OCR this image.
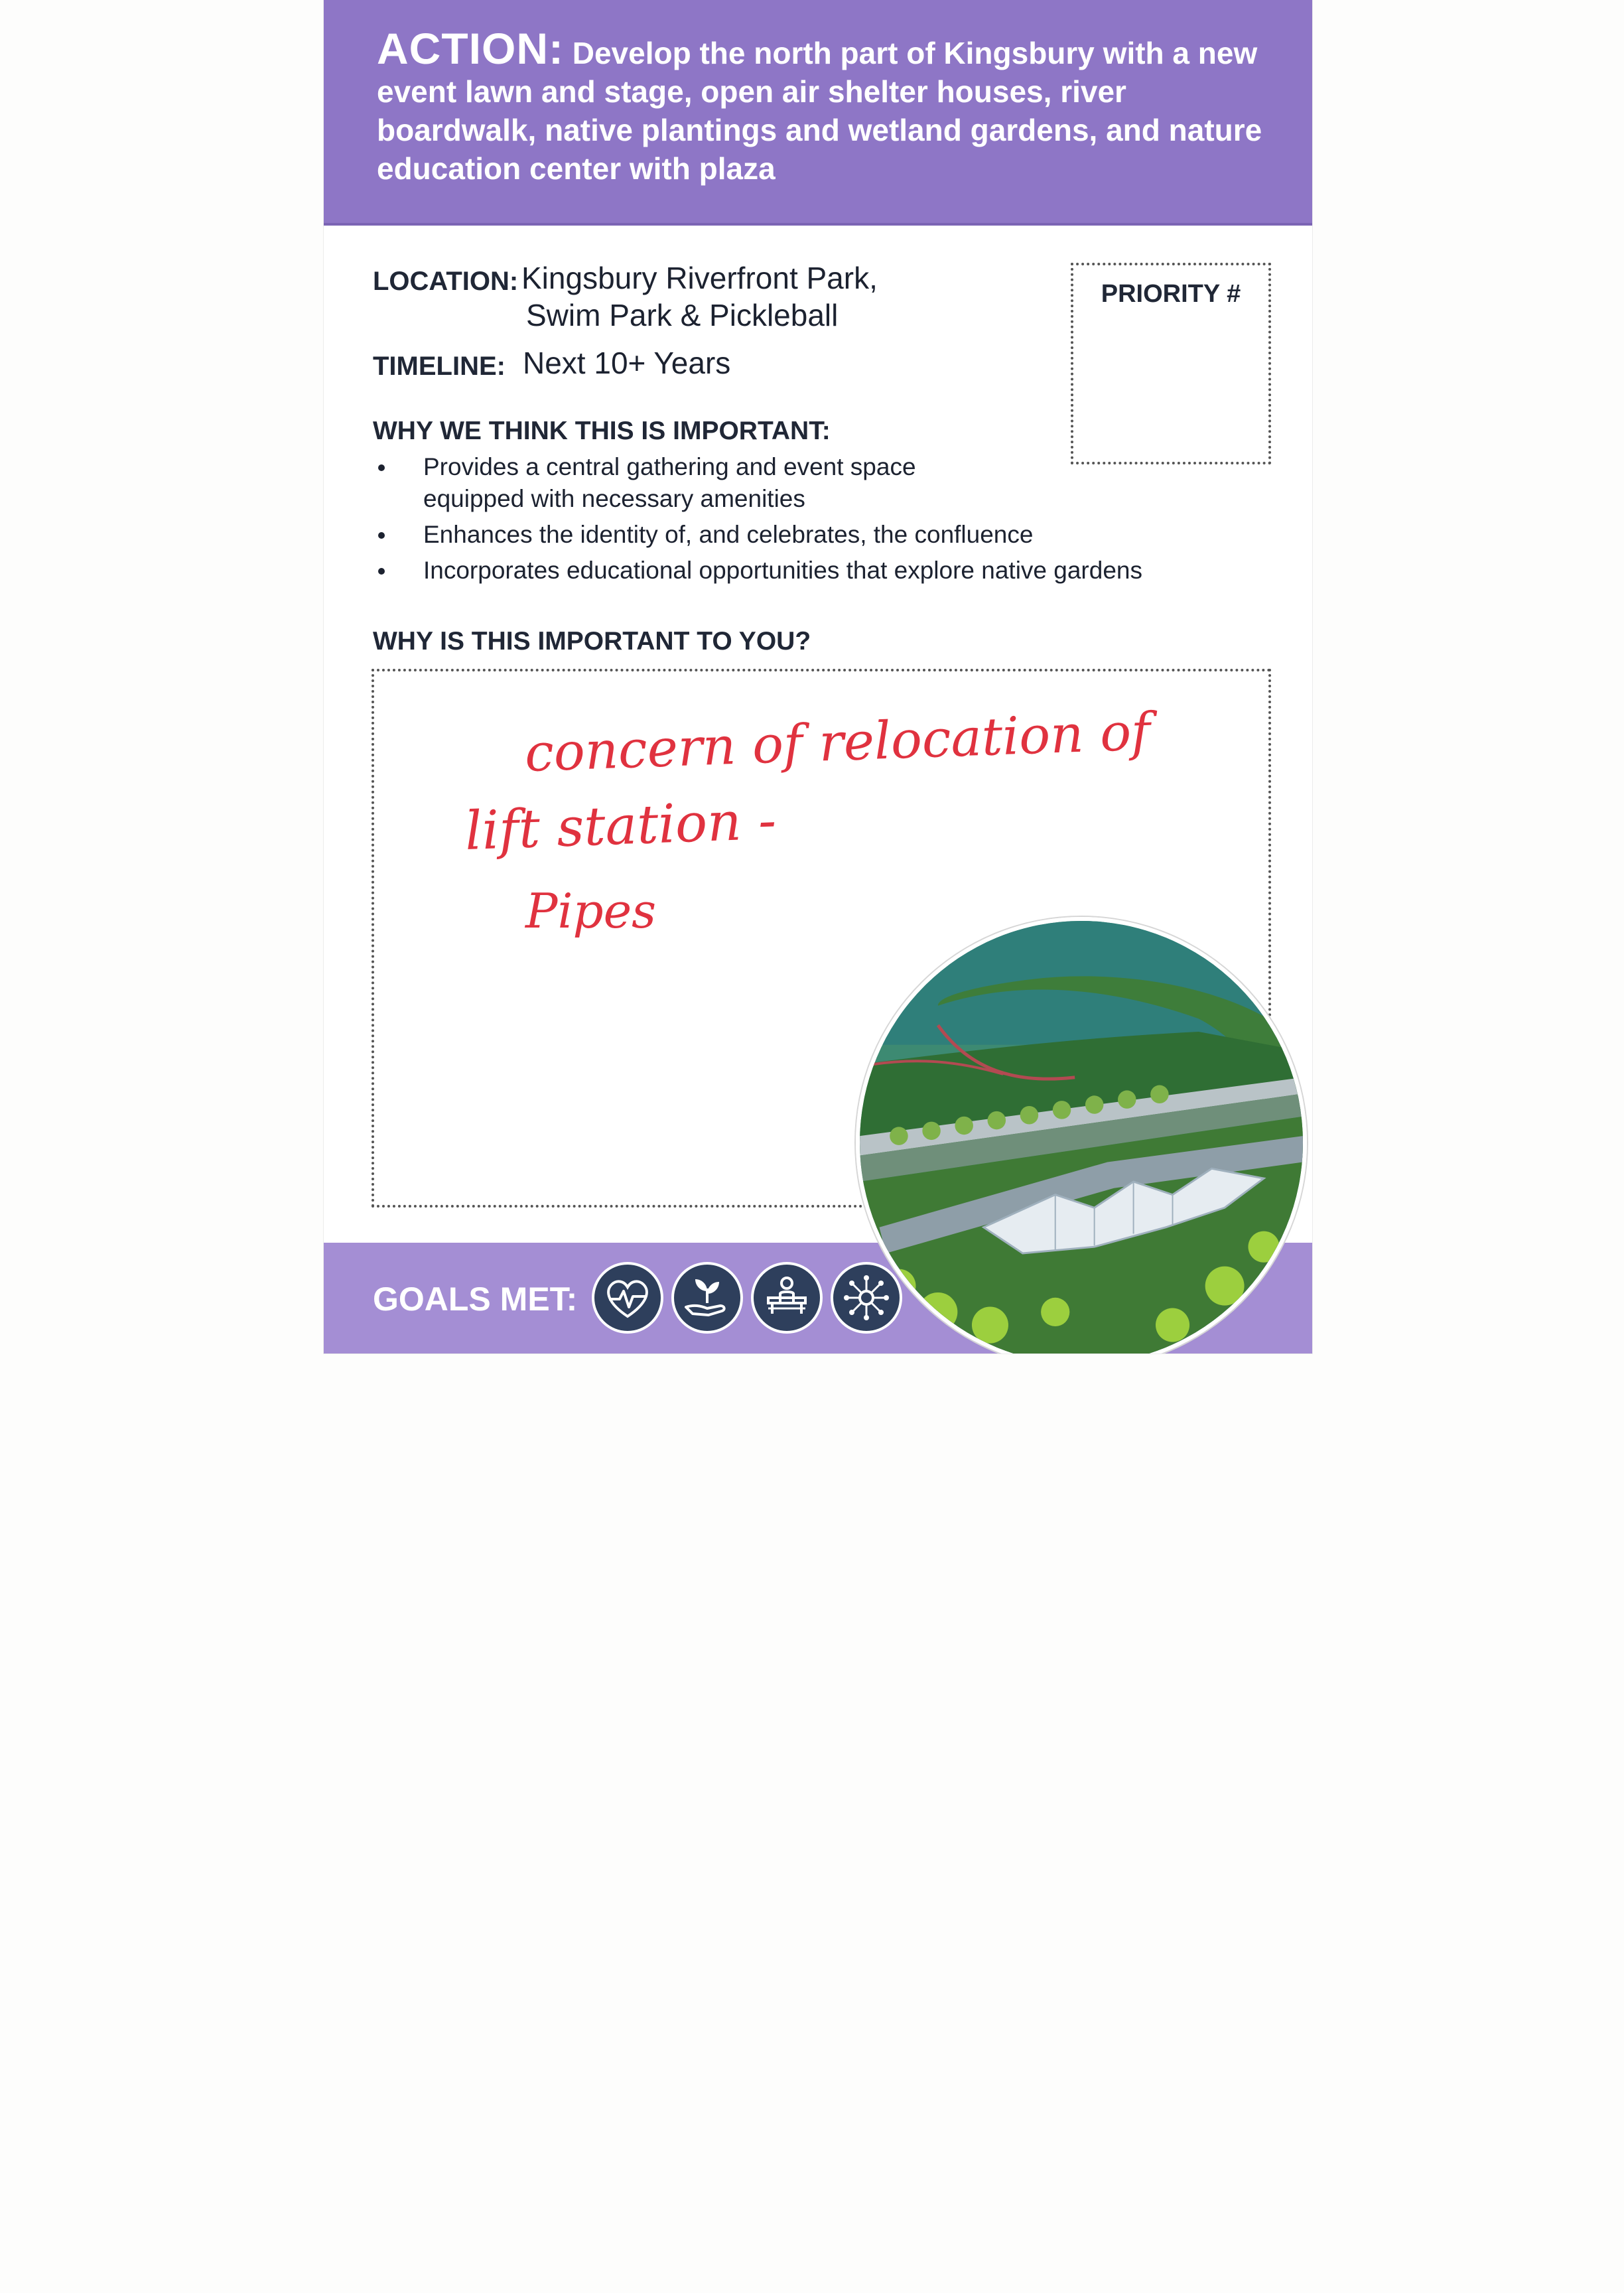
ACTION: Develop the north part of Kingsbury with a new event lawn and stage, open air shelter houses, river boardwalk, native plantings and wetland gardens, and nature education center with plaza

LOCATION: Kingsbury Riverfront Park,
Swim Park & Pickleball
TIMELINE: Next 10+ Years
PRIORITY #
WHY WE THINK THIS IS IMPORTANT:
Provides a central gathering and event space equipped with necessary amenities
Enhances the identity of, and celebrates, the confluence
Incorporates educational opportunities that explore native gardens
WHY IS THIS IMPORTANT TO YOU?
concern of relocation of
lift station -
Pipes
GOALS MET:
